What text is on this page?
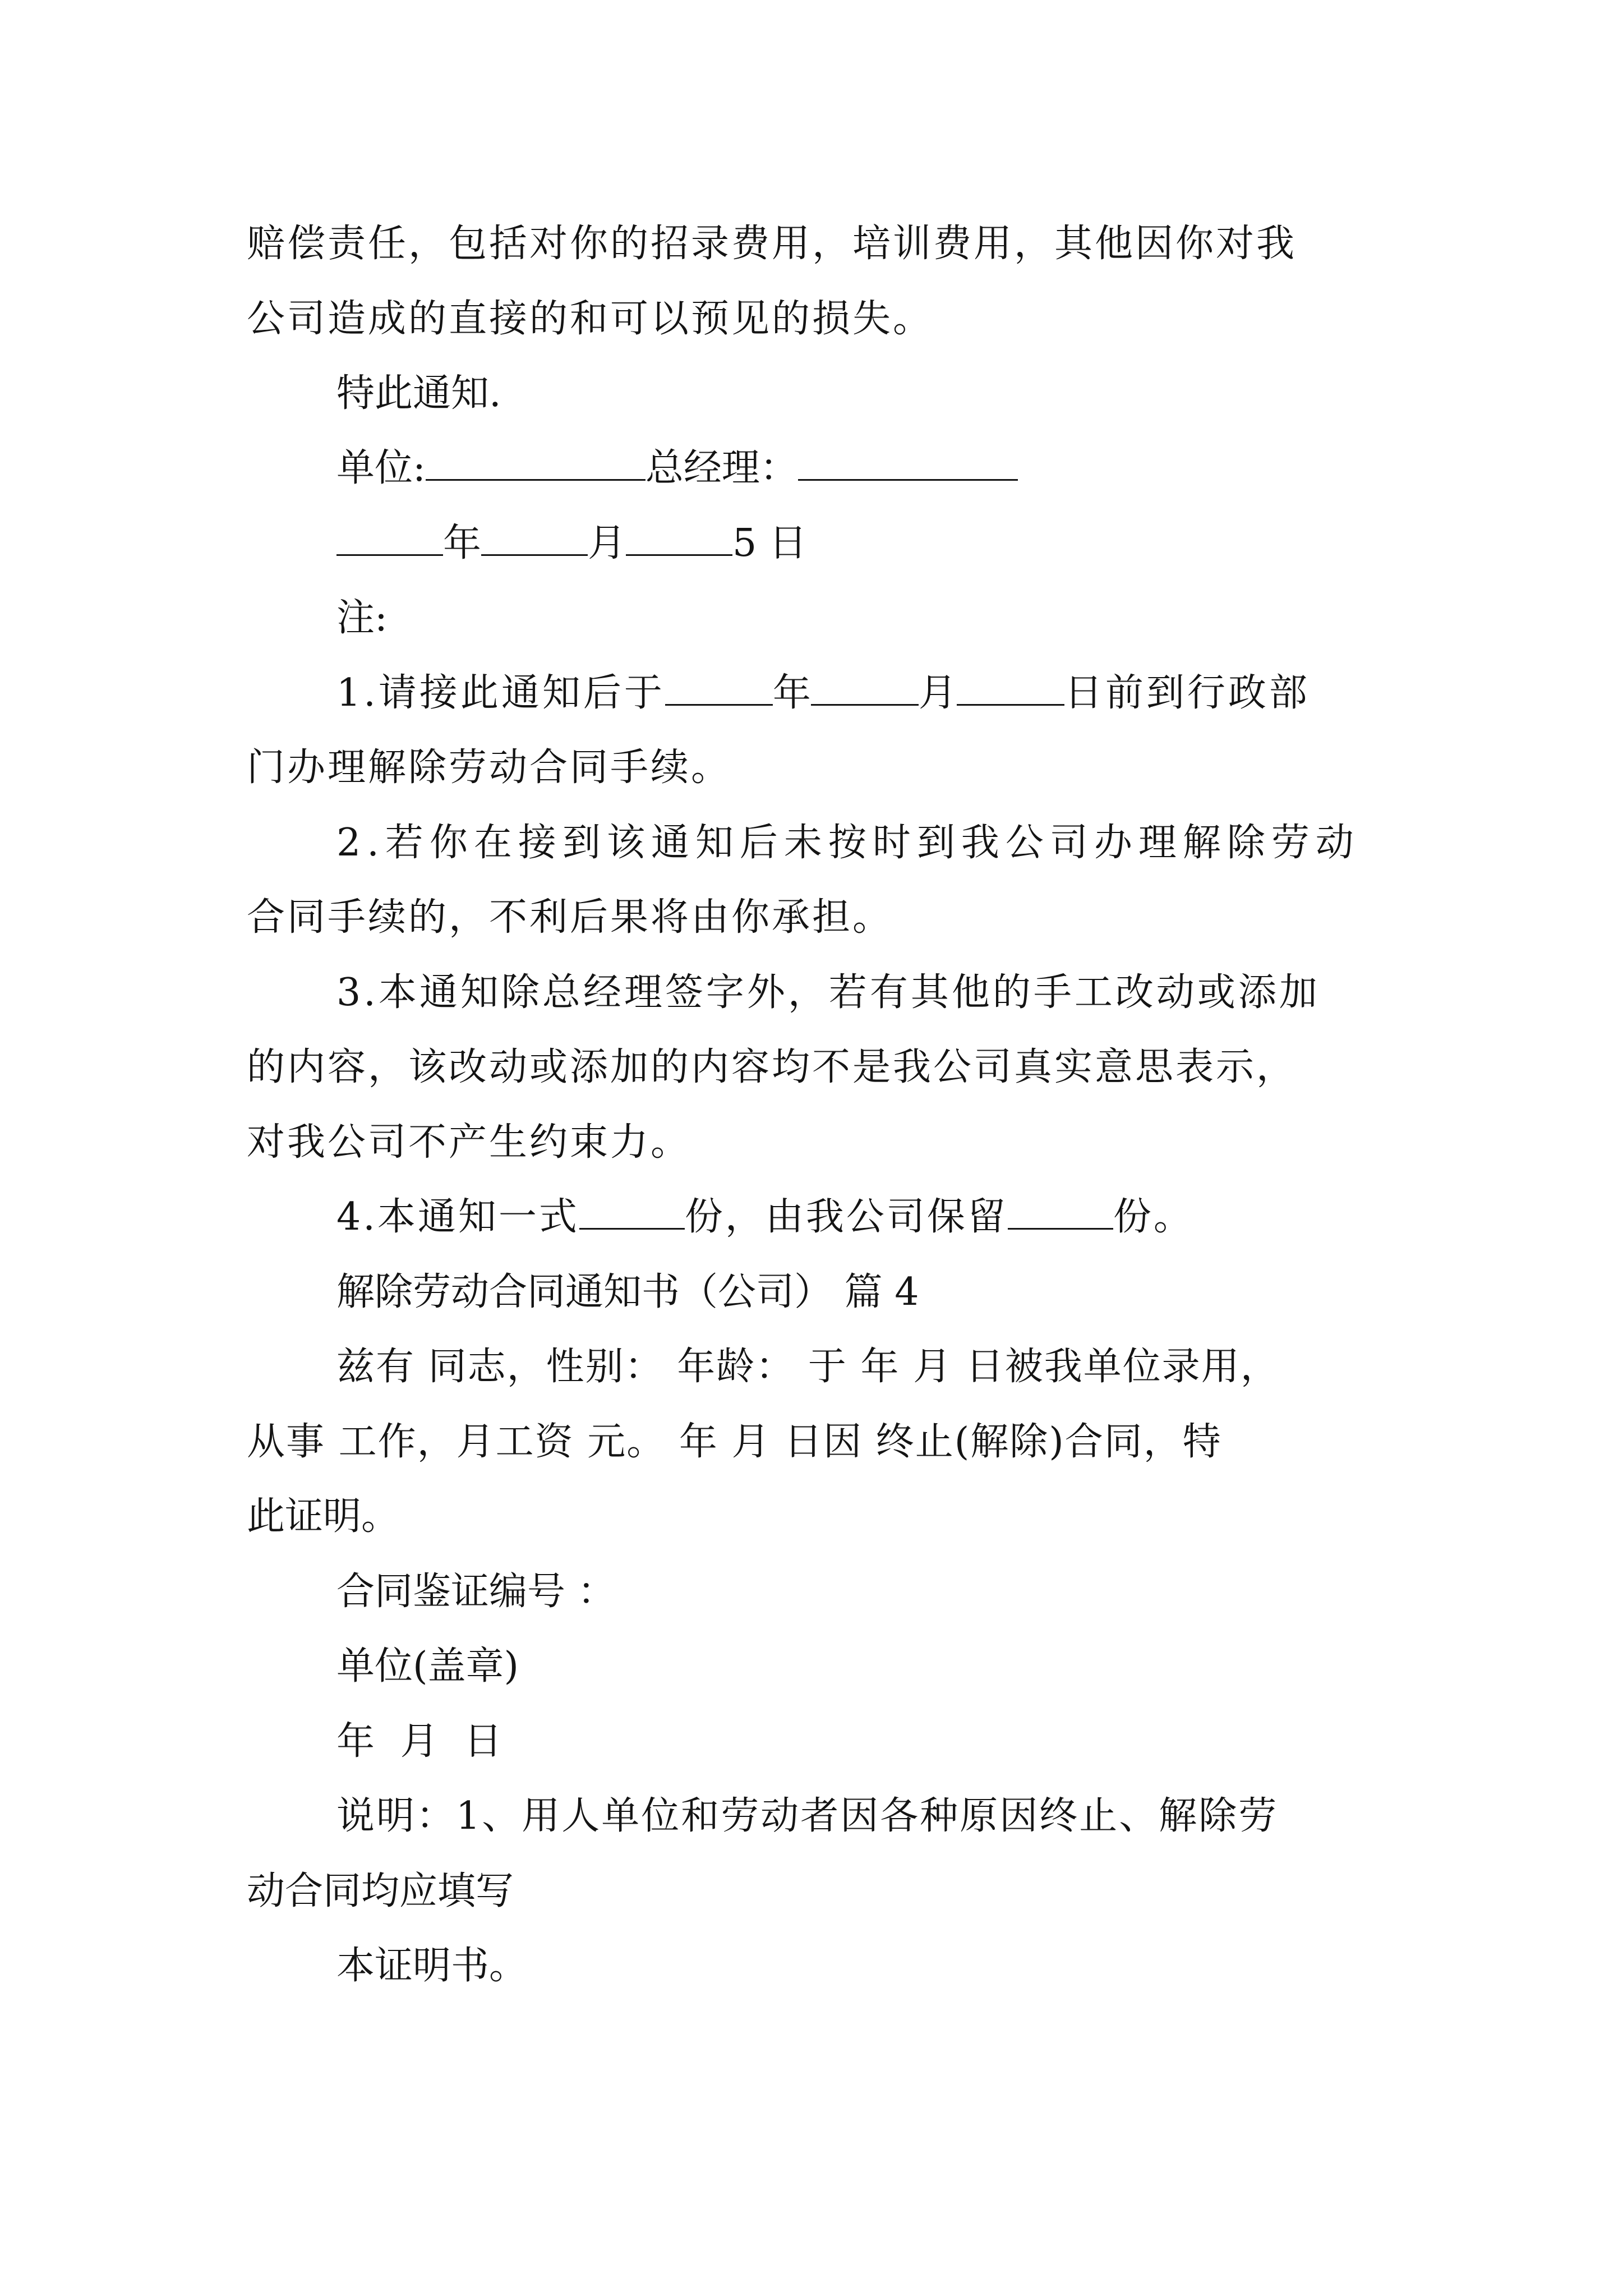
赔偿责任，包括对你的招录费用，培训费用，其他因你对我
公司造成的直接的和可以预见的损失。
特此通知.
单位:	总经理：
年	月	5 日
注:
1.请接此通知后于	年	月	日前到行政部
门办理解除劳动合同手续。
2.若你在接到该通知后未按时到我公司办理解除劳动
合同手续的，不利后果将由你承担。
3.本通知除总经理签字外，若有其他的手工改动或添加
的内容，该改动或添加的内容均不是我公司真实意思表示，
对我公司不产生约束力。
4.本通知一式	份，由我公司保留	份。
解除劳动合同通知书（公司） 篇 4
兹有 同志，性别： 年龄： 于 年 月 日被我单位录用，
从事 工作，月工资 元。 年 月 日因 终止(解除)合同，特
此证明。
合同鉴证编号 ：
单位(盖章)
年 月 日
说明：1、用人单位和劳动者因各种原因终止、解除劳
动合同均应填写
本证明书。
